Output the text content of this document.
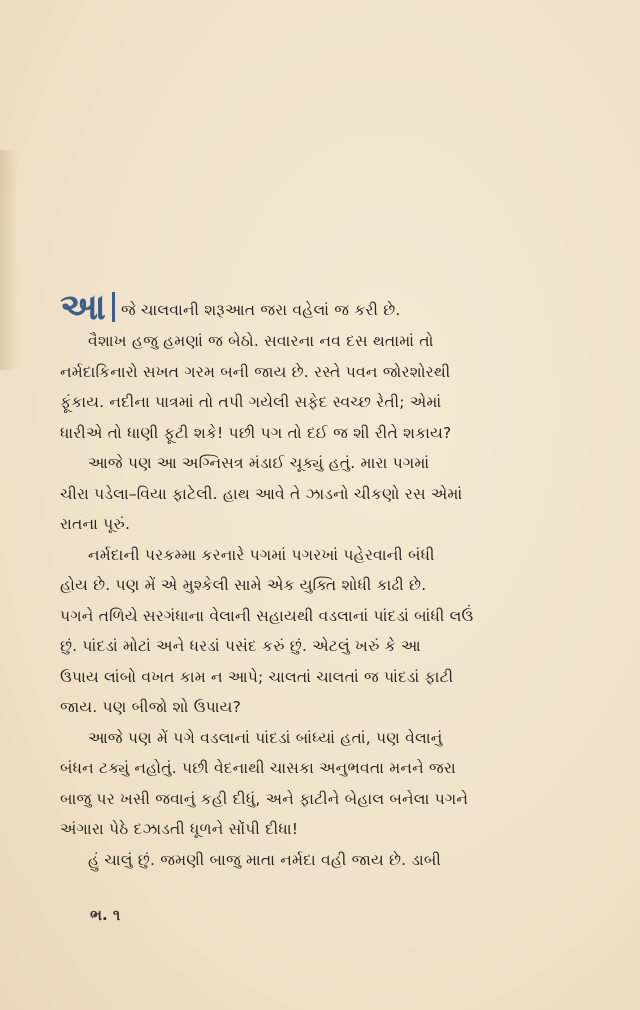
આજે ચાલવાની શરૂઆત જરા વહેલાં જ કરી છે.
વૈશાખ હજુ હમણાં જ બેઠો. સવારના નવ દસ થતામાં તો
નર્મદાકિનારો સખત ગરમ બની જાય છે. રસ્તે પવન જોરશોરથી
ફૂંકાય. નદીના પાત્રમાં તો તપી ગયેલી સફેદ સ્વચ્છ રેતી; એમાં
ધારીએ તો ધાણી ફૂટી શકે! પછી પગ તો દઈ જ શી રીતે શકાય?
આજે પણ આ અગ્નિસત્ર મંડાઈ ચૂક્યું હતું. મારા પગમાં
ચીરા પડેલા–વિયા ફાટેલી. હાથ આવે તે ઝાડનો ચીકણો રસ એમાં
રાતના પૂરું.
નર્મદાની પરકમ્મા કરનારે પગમાં પગરખાં પહેરવાની બંધી
હોય છે. પણ મેં એ મુશ્કેલી સામે એક યુક્તિ શોધી કાઢી છે.
પગને તળિયે સરગંધાના વેલાની સહાયથી વડલાનાં પાંદડાં બાંધી લઉં
છું. પાંદડાં મોટાં અને ધરડાં પસંદ કરું છું. એટલું ખરું કે આ
ઉપાય લાંબો વખત કામ ન આપે; ચાલતાં ચાલતાં જ પાંદડાં ફાટી
જાય. પણ બીજો શો ઉપાય?
આજે પણ મેં પગે વડલાનાં પાંદડાં બાંધ્યાં હતાં, પણ વેલાનું
બંધન ટક્યું નહોતું. પછી વેદનાથી ચાસકા અનુભવતા મનને જરા
બાજુ પર ખસી જવાનું કહી દીધું, અને ફાટીને બેહાલ બનેલા પગને
અંગારા પેઠે દઝાડતી ધૂળને સોંપી દીધા!
હું ચાલું છું. જમણી બાજુ માતા નર્મદા વહી જાય છે. ડાબી
ભ. ૧
